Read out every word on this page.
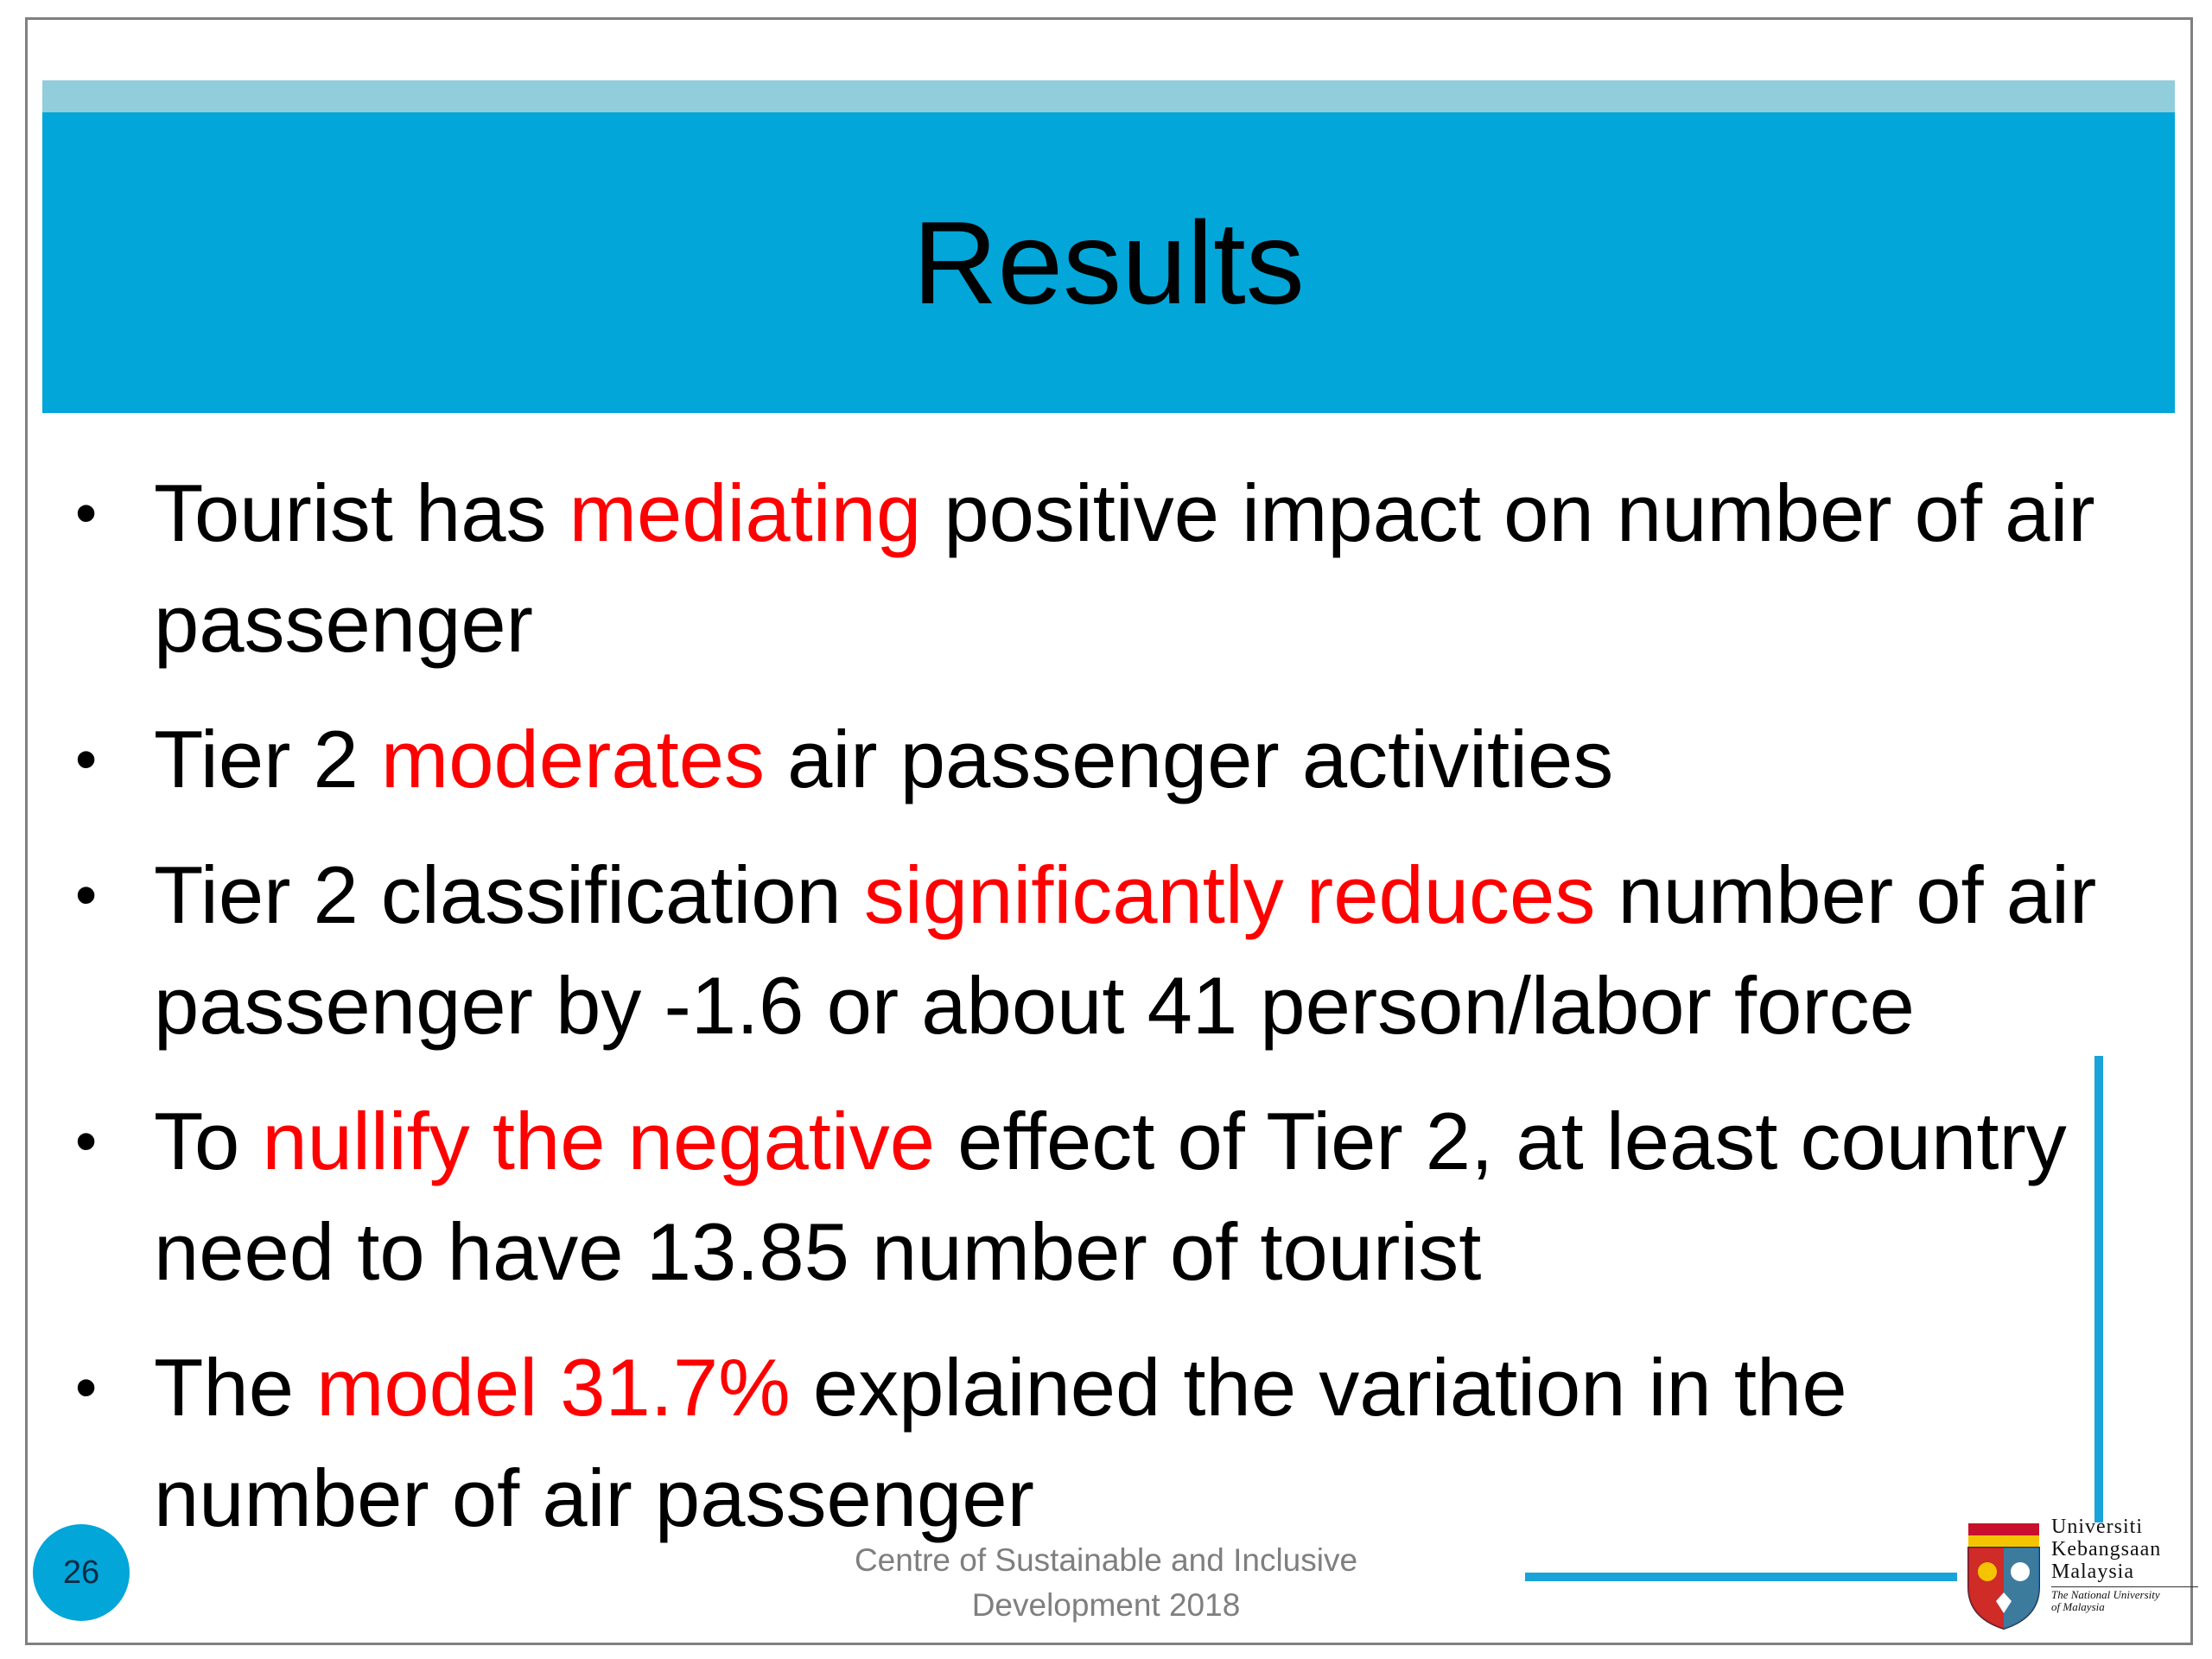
Results
• Tourist has mediating positive impact on number of air passenger
• Tier 2 moderates air passenger activities
• Tier 2 classification significantly reduces number of air passenger by -1.6 or about 41 person/labor force
• To nullify the negative effect of Tier 2, at least country need to have 13.85 number of tourist
• The model 31.7% explained the variation in the number of air passenger
26	Centre of Sustainable and Inclusive
Development 2018
Universiti
Kebangsaan
Malaysia
The National University
of Malaysia
